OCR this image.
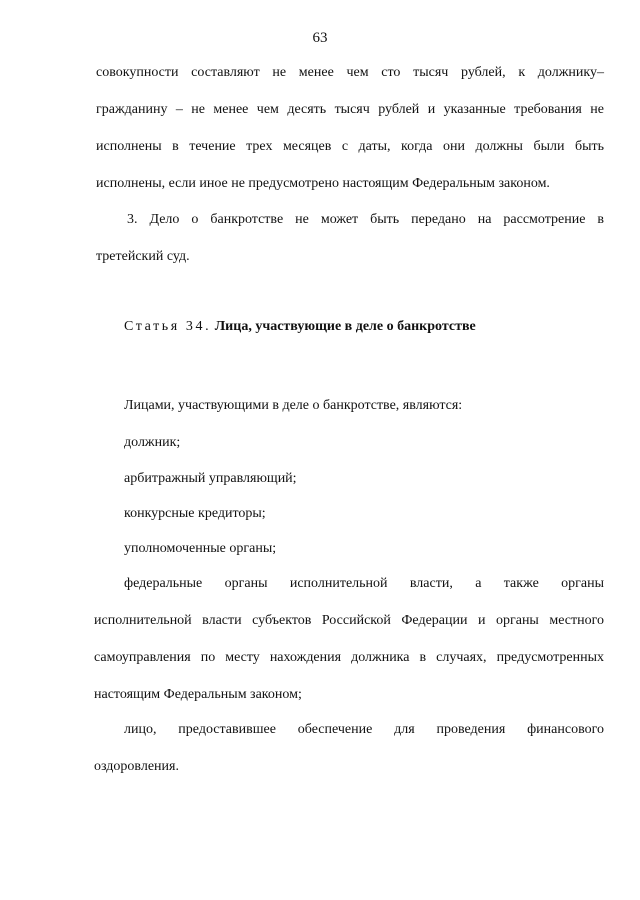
63
совокупности составляют не менее чем сто тысяч рублей, к должнику–
гражданину – не менее чем десять тысяч рублей и указанные требования не
исполнены в течение трех месяцев с даты, когда они должны были быть
исполнены, если иное не предусмотрено настоящим Федеральным законом.
3. Дело о банкротстве не может быть передано на рассмотрение в
третейский суд.
Статья 34. Лица, участвующие в деле о банкротстве
Лицами, участвующими в деле о банкротстве, являются:
должник;
арбитражный управляющий;
конкурсные кредиторы;
уполномоченные органы;
федеральные органы исполнительной власти, а также органы
исполнительной власти субъектов Российской Федерации и органы местного
самоуправления по месту нахождения должника в случаях, предусмотренных
настоящим Федеральным законом;
лицо, предоставившее обеспечение для проведения финансового
оздоровления.
